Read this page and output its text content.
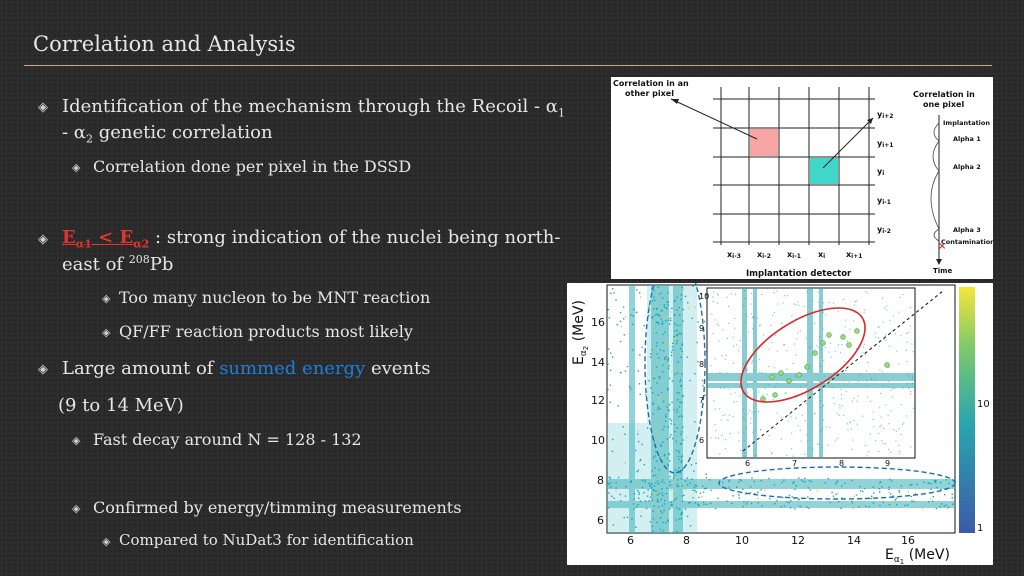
Correlation and Analysis
◈ Identification of the mechanism through the Recoil - $\alpha_1$
- $\alpha_2$ genetic correlation
◈ Correlation done per pixel in the DSSD
◈ $E_{\alpha 1} < E_{\alpha 2}$ : strong indication of the nuclei being north-
east of $^{208}$Pb
◈ Too many nucleon to be MNT reaction
◈ QF/FF reaction products most likely
◈ Large amount of summed energy events
(9 to 14 MeV)
◈ Fast decay around N = 128 - 132
◈ Confirmed by energy/timming measurements
◈ Compared to NuDat3 for identification
Correlation in an
other pixel
yi+2
yi+1
yi
yi-1
yi-2
xi-3 xi-2 xi-1 xi	xi+1
Implantation detector
Correlation in
one pixel
Implantation 1
Alpha 1
Alpha 2
Alpha 3
Contamination
×
Time
6	7	8	9
10
9
8
7
6
6	8	10	12	14	16
6
8
10
12
14
16
$E_\alpha 1$ (MeV)
$E_\alpha 2$ (MeV)
10
1
